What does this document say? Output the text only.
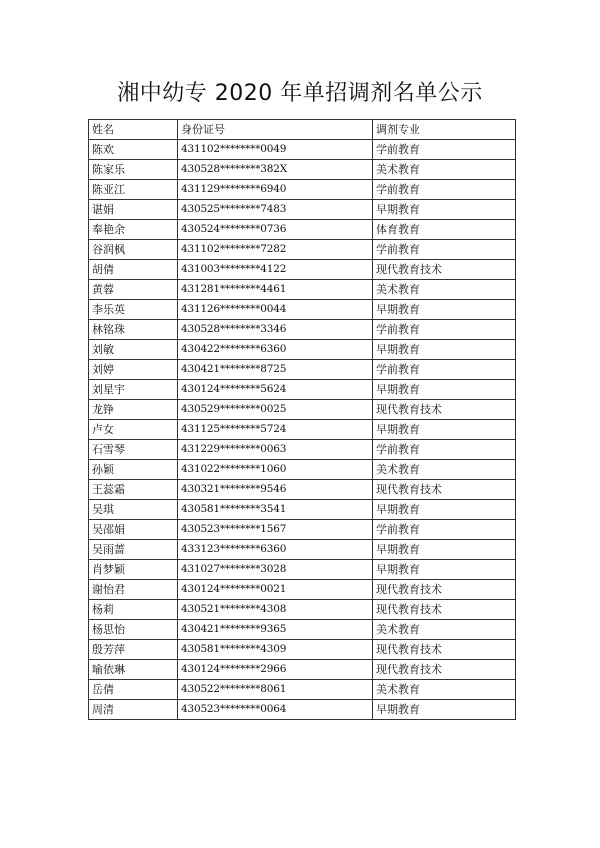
湘中幼专 2020 年单招调剂名单公示
姓名	身份证号	调剂专业
陈欢	431102********0049	学前教育
陈家乐	430528********382X	美术教育
陈亚江	431129********6940	学前教育
谌娟	430525********7483	早期教育
奉艳余	430524********0736	体育教育
谷润枫	431102********7282	学前教育
胡倩	431003********4122	现代教育技术
黄蓉	431281********4461	美术教育
李乐英	431126********0044	早期教育
林铭珠	430528********3346	学前教育
刘敏	430422********6360	早期教育
刘婷	430421********8725	学前教育
刘星宇	430124********5624	早期教育
龙铮	430529********0025	现代教育技术
卢女	431125********5724	早期教育
石雪琴	431229********0063	学前教育
孙颖	431022********1060	美术教育
王蕊霜	430321********9546	现代教育技术
吴琪	430581********3541	早期教育
吴邵娟	430523********1567	学前教育
吴雨蔷	433123********6360	早期教育
肖梦颖	431027********3028	早期教育
谢怡君	430124********0021	现代教育技术
杨莉	430521********4308	现代教育技术
杨思怡	430421********9365	美术教育
殷芳萍	430581********4309	现代教育技术
喻依琳	430124********2966	现代教育技术
岳倩	430522********8061	美术教育
周清	430523********0064	早期教育
